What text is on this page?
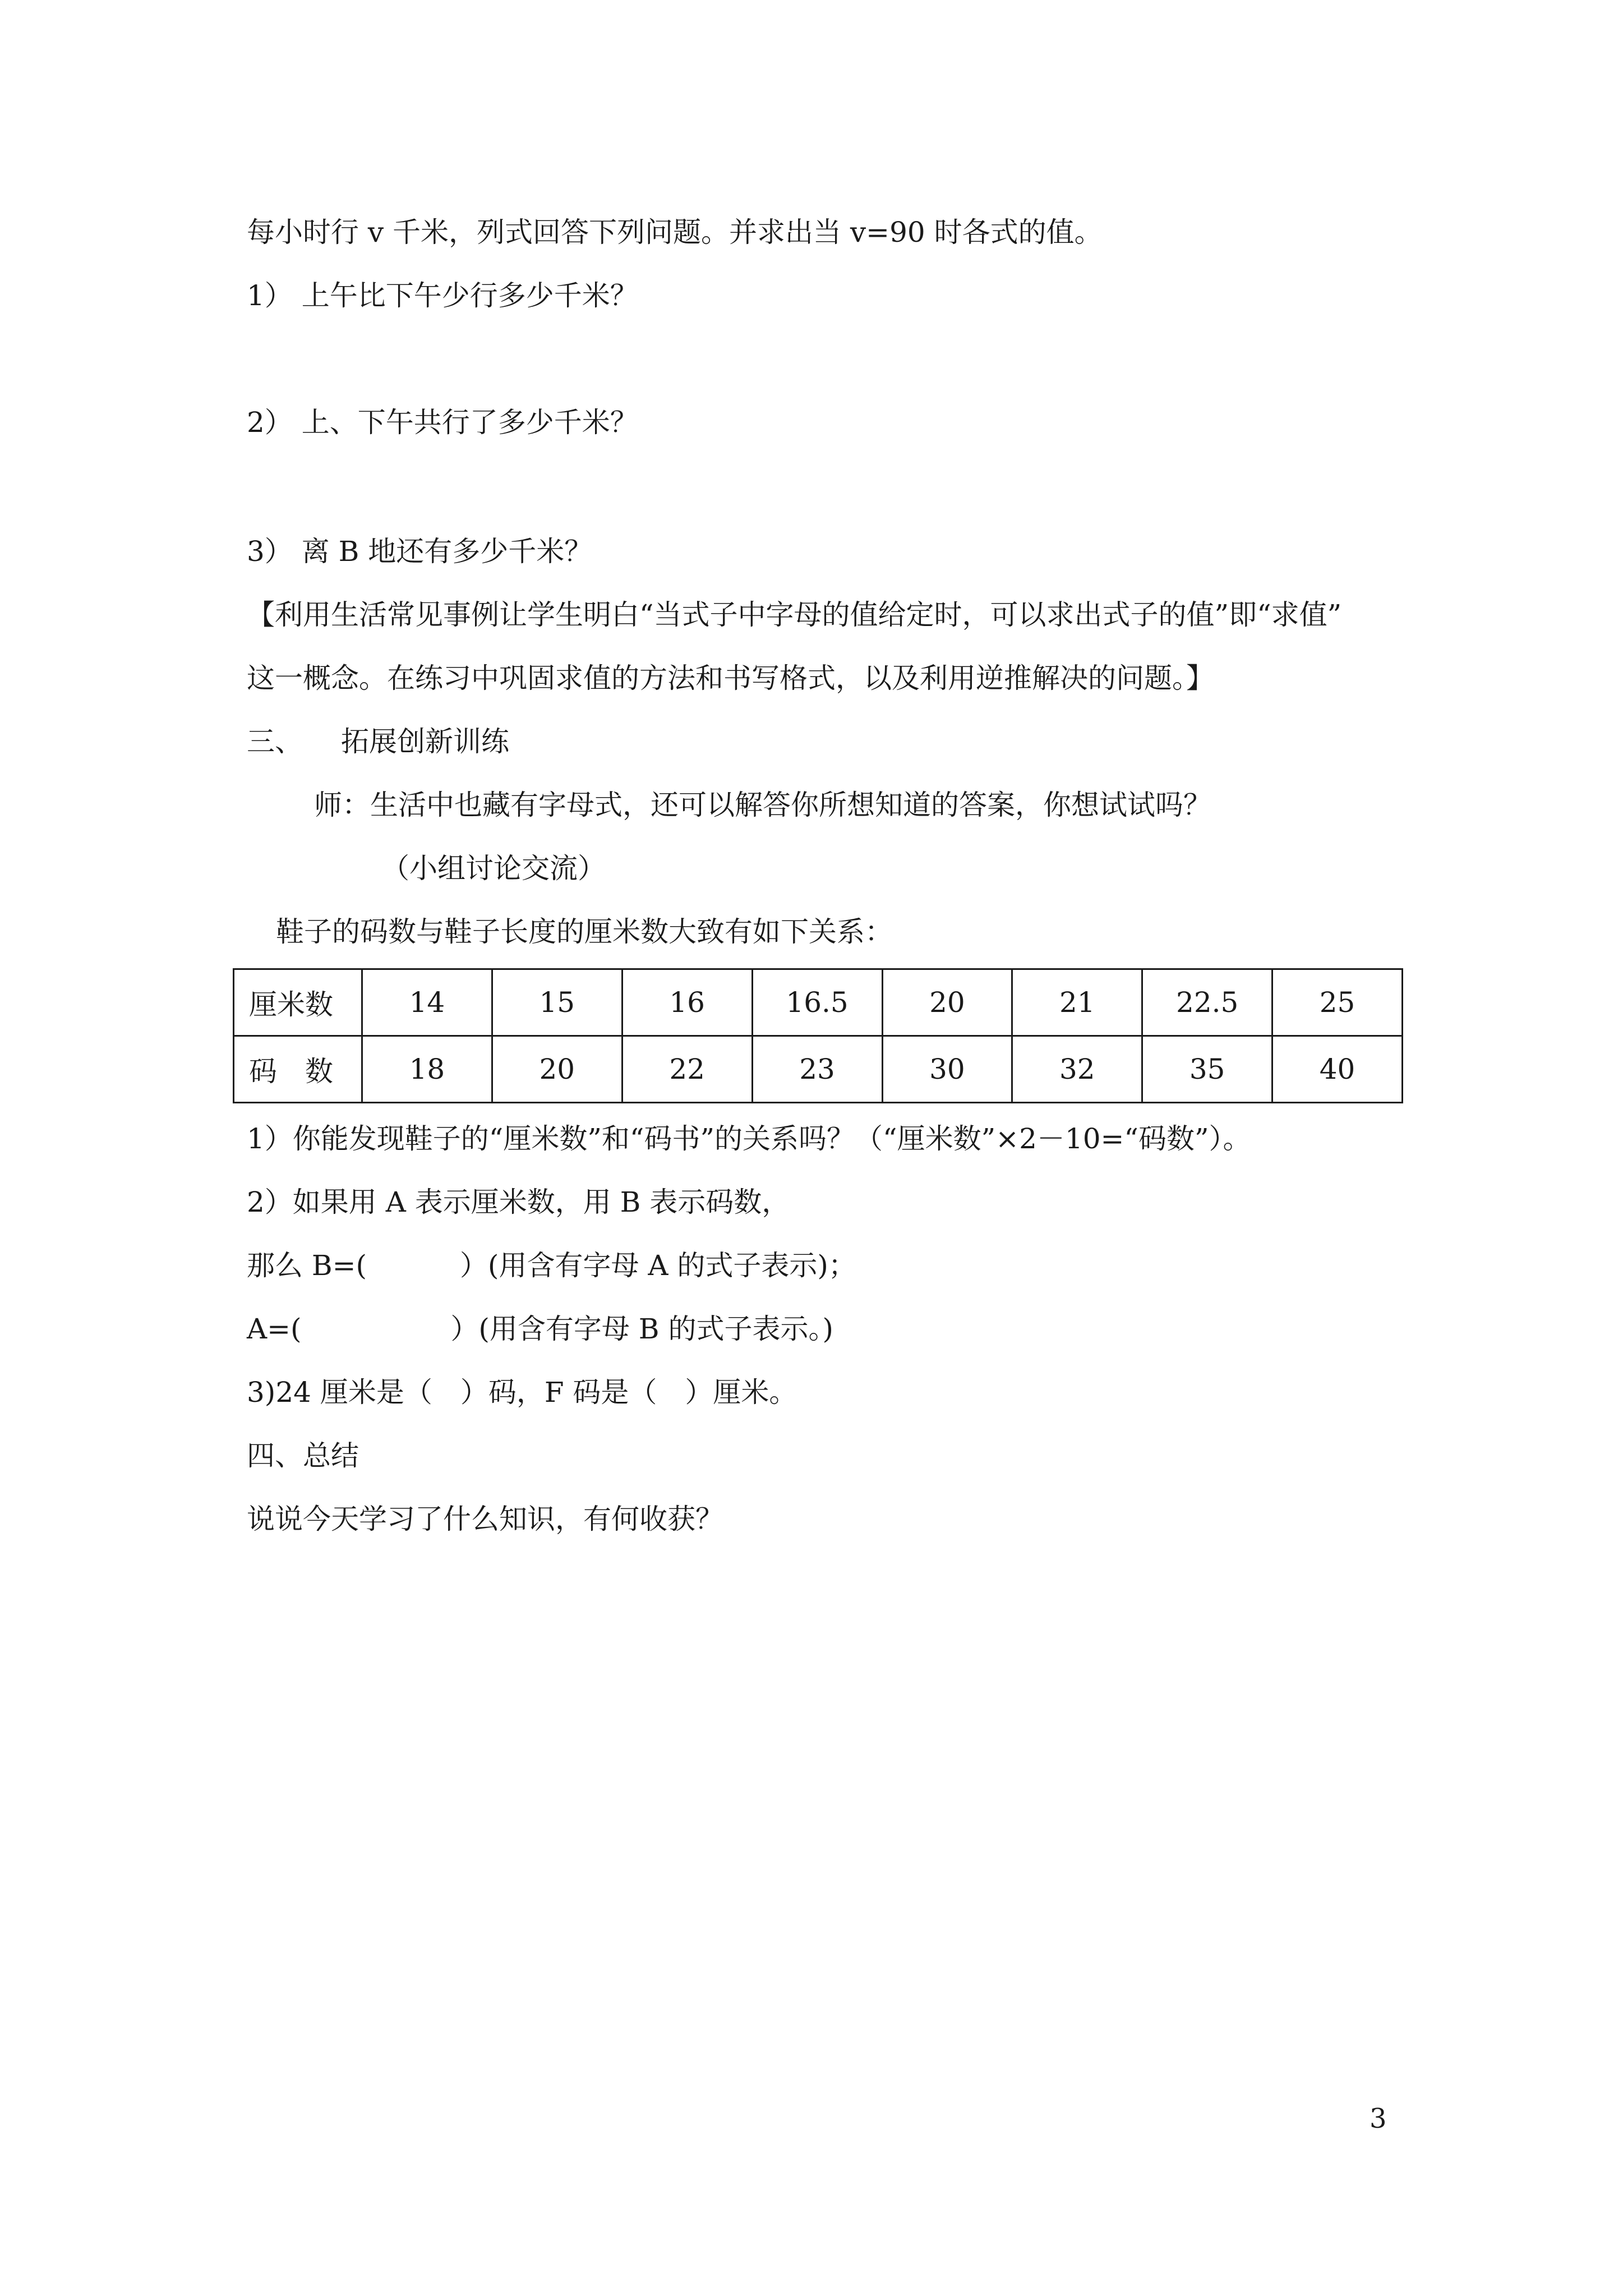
每小时行 v 千米，列式回答下列问题。并求出当 v=90 时各式的值。
1） 上午比下午少行多少千米？
2） 上、下午共行了多少千米？
3） 离 B 地还有多少千米？
【利用生活常见事例让学生明白“当式子中字母的值给定时，可以求出式子的值”即“求值”
这一概念。在练习中巩固求值的方法和书写格式，以及利用逆推解决的问题。】
三、 拓展创新训练
师：生活中也藏有字母式，还可以解答你所想知道的答案，你想试试吗？
（小组讨论交流）
鞋子的码数与鞋子长度的厘米数大致有如下关系：
厘米数	14	15	16	16.5	20	21	22.5	25
码　数	18	20	22	23	30	32	35	40
1）你能发现鞋子的“厘米数”和“码书”的关系吗？（“厘米数”×2－10=“码数”）。
2）如果用 A 表示厘米数，用 B 表示码数，
那么 B=(　　　 ）(用含有字母 A 的式子表示)；
A=(　　　　　 ）(用含有字母 B 的式子表示。)
3)24 厘米是（　）码，F 码是（　）厘米。
四、总结
说说今天学习了什么知识，有何收获？
3
